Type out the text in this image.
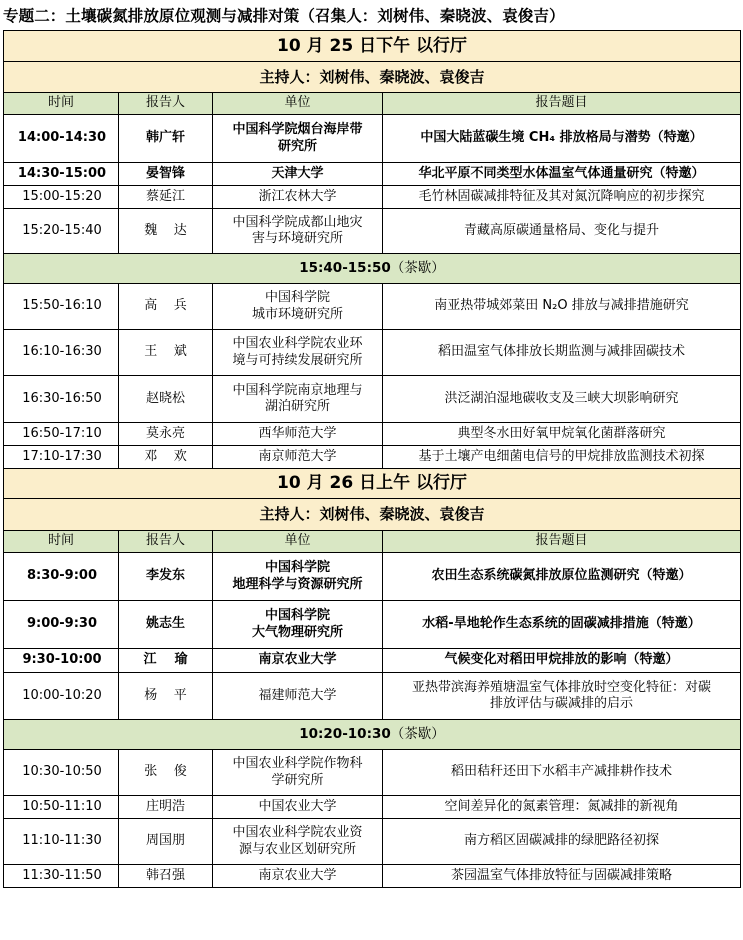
专题二：土壤碳氮排放原位观测与减排对策（召集人：刘树伟、秦晓波、袁俊吉）
10 月 25 日下午 以行厅			
主持人：刘树伟、秦晓波、袁俊吉			
时间	报告人	单位	报告题目
14:00-14:30	韩广轩	中国科学院烟台海岸带
研究所	中国大陆蓝碳生境 CH₄ 排放格局与潜势（特邀）

14:30-15:00	晏智锋	天津大学	华北平原不同类型水体温室气体通量研究（特邀）

15:00-15:20	蔡延江	浙江农林大学	毛竹林固碳减排特征及其对氮沉降响应的初步探究

15:20-15:40	魏    达	中国科学院成都山地灾
害与环境研究所	青藏高原碳通量格局、变化与提升

15:40-15:50（茶歇）			
15:50-16:10	高    兵	中国科学院
城市环境研究所	南亚热带城郊菜田 N₂O 排放与减排措施研究

16:10-16:30	王    斌	中国农业科学院农业环
境与可持续发展研究所	稻田温室气体排放长期监测与减排固碳技术

16:30-16:50	赵晓松	中国科学院南京地理与
湖泊研究所	洪泛湖泊湿地碳收支及三峡大坝影响研究

16:50-17:10	莫永亮	西华师范大学	典型冬水田好氧甲烷氧化菌群落研究

17:10-17:30	邓    欢	南京师范大学	基于土壤产电细菌电信号的甲烷排放监测技术初探

10 月 26 日上午 以行厅			
主持人：刘树伟、秦晓波、袁俊吉			
时间	报告人	单位	报告题目
8:30-9:00	李发东	中国科学院
地理科学与资源研究所	农田生态系统碳氮排放原位监测研究（特邀）

9:00-9:30	姚志生	中国科学院
大气物理研究所	水稻-旱地轮作生态系统的固碳减排措施（特邀）

9:30-10:00	江    瑜	南京农业大学	气候变化对稻田甲烷排放的影响（特邀）

10:00-10:20	杨    平	福建师范大学	亚热带滨海养殖塘温室气体排放时空变化特征：对碳
排放评估与碳减排的启示

10:20-10:30（茶歇）			
10:30-10:50	张    俊	中国农业科学院作物科
学研究所	稻田秸秆还田下水稻丰产减排耕作技术

10:50-11:10	庄明浩	中国农业大学	空间差异化的氮素管理：氮减排的新视角

11:10-11:30	周国朋	中国农业科学院农业资
源与农业区划研究所	南方稻区固碳减排的绿肥路径初探

11:30-11:50	韩召强	南京农业大学	茶园温室气体排放特征与固碳减排策略
